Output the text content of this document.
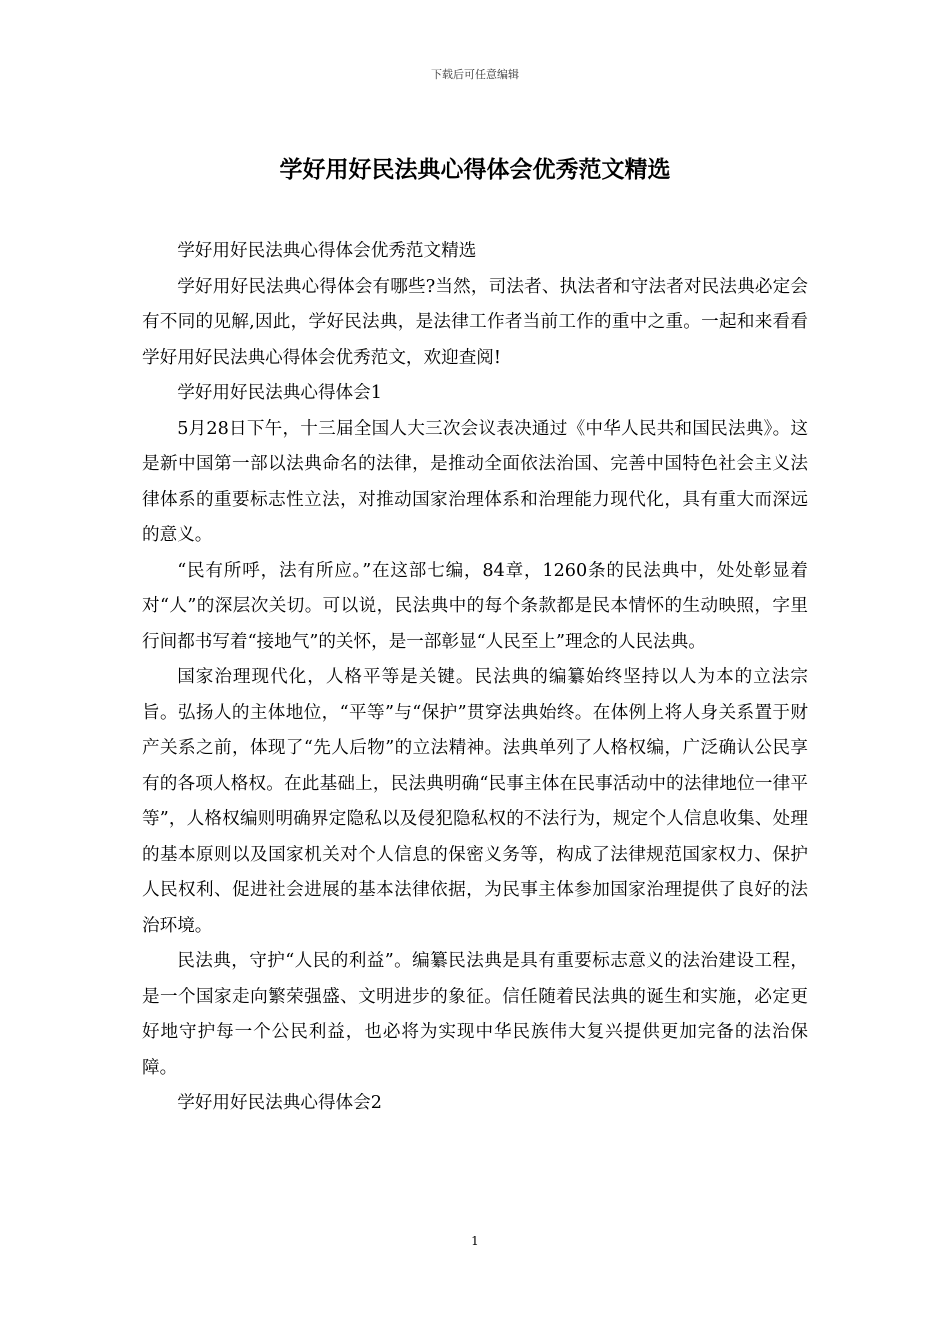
下载后可任意编辑
学好用好民法典心得体会优秀范文精选

学好用好民法典心得体会优秀范文精选

学好用好民法典心得体会有哪些?当然，司法者、执法者和守法者对民法典必定会有不同的见解,因此，学好民法典，是法律工作者当前工作的重中之重。一起和来看看学好用好民法典心得体会优秀范文，欢迎查阅!

学好用好民法典心得体会1

5月28日下午，十三届全国人大三次会议表决通过《中华人民共和国民法典》。这是新中国第一部以法典命名的法律，是推动全面依法治国、完善中国特色社会主义法律体系的重要标志性立法，对推动国家治理体系和治理能力现代化，具有重大而深远的意义。

“民有所呼，法有所应。”在这部七编，84章，1260条的民法典中，处处彰显着对“人”的深层次关切。可以说，民法典中的每个条款都是民本情怀的生动映照，字里行间都书写着“接地气”的关怀，是一部彰显“人民至上”理念的人民法典。

国家治理现代化，人格平等是关键。民法典的编纂始终坚持以人为本的立法宗旨。弘扬人的主体地位，“平等”与“保护”贯穿法典始终。在体例上将人身关系置于财产关系之前，体现了“先人后物”的立法精神。法典单列了人格权编，广泛确认公民享有的各项人格权。在此基础上，民法典明确“民事主体在民事活动中的法律地位一律平等”，人格权编则明确界定隐私以及侵犯隐私权的不法行为，规定个人信息收集、处理的基本原则以及国家机关对个人信息的保密义务等，构成了法律规范国家权力、保护人民权利、促进社会进展的基本法律依据，为民事主体参加国家治理提供了良好的法治环境。

民法典，守护“人民的利益”。编纂民法典是具有重要标志意义的法治建设工程，是一个国家走向繁荣强盛、文明进步的象征。信任随着民法典的诞生和实施，必定更好地守护每一个公民利益，也必将为实现中华民族伟大复兴提供更加完备的法治保障。

学好用好民法典心得体会2

1
